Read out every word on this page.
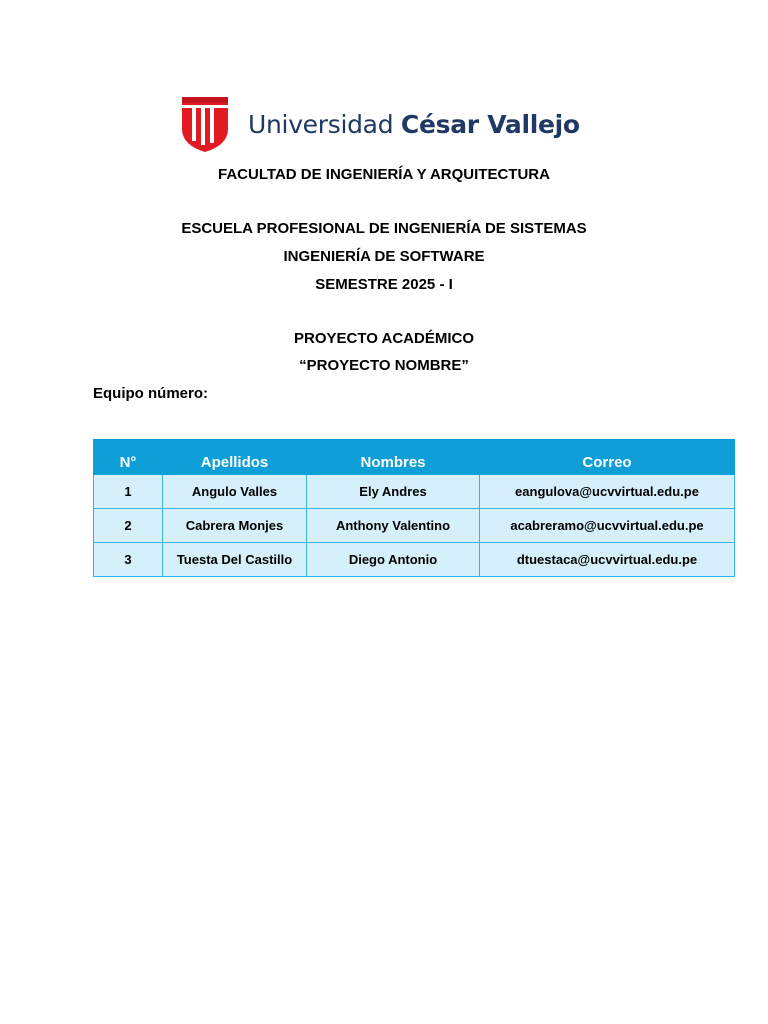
Universidad César Vallejo
FACULTAD DE INGENIERÍA Y ARQUITECTURA
ESCUELA PROFESIONAL DE INGENIERÍA DE SISTEMAS
INGENIERÍA DE SOFTWARE
SEMESTRE 2025 - I
PROYECTO ACADÉMICO
“PROYECTO NOMBRE”
Equipo número:
N°	Apellidos	Nombres	Correo
1	Angulo Valles	Ely Andres	eangulova@ucvvirtual.edu.pe
2	Cabrera Monjes	Anthony Valentino	acabreramo@ucvvirtual.edu.pe
3	Tuesta Del Castillo	Diego Antonio	dtuestaca@ucvvirtual.edu.pe
